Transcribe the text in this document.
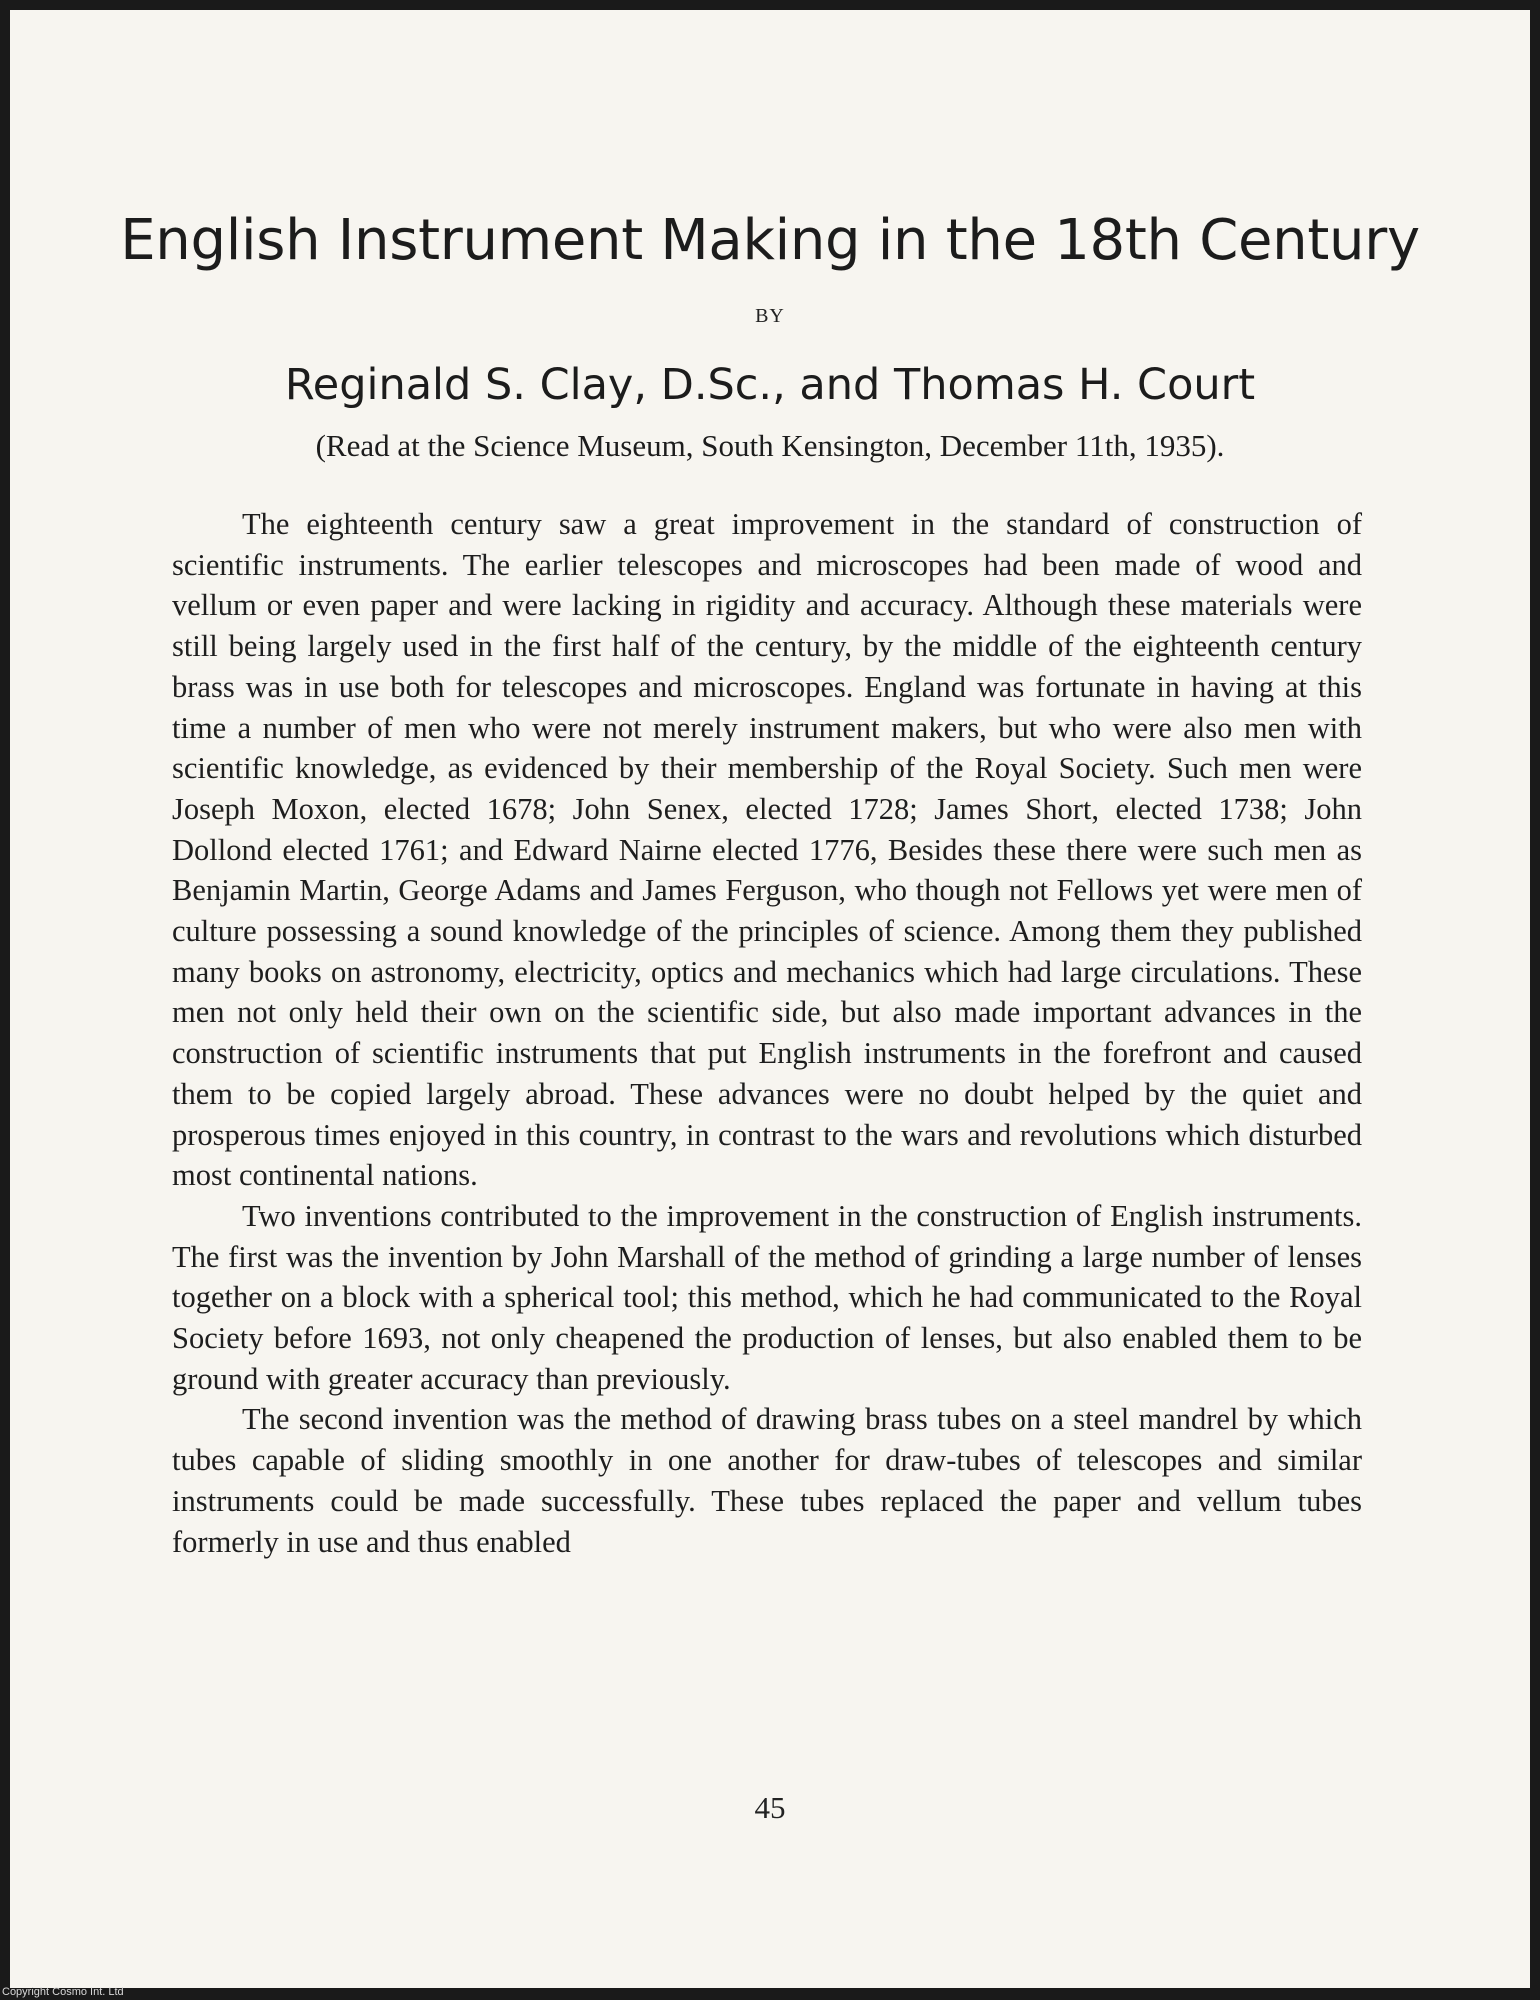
English Instrument Making in the 18th Century
BY
Reginald S. Clay, D.Sc., and Thomas H. Court
(Read at the Science Museum, South Kensington, December 11th, 1935).

The eighteenth century saw a great improvement in the standard of construction of scientific instruments. The earlier telescopes and microscopes had been made of wood and vellum or even paper and were lacking in rigidity and accuracy. Although these materials were still being largely used in the first half of the century, by the middle of the eighteenth century brass was in use both for telescopes and microscopes. England was fortunate in having at this time a number of men who were not merely instrument makers, but who were also men with scientific knowledge, as evidenced by their membership of the Royal Society. Such men were Joseph Moxon, elected 1678; John Senex, elected 1728; James Short, elected 1738; John Dollond elected 1761; and Edward Nairne elected 1776, Besides these there were such men as Benjamin Martin, George Adams and James Ferguson, who though not Fellows yet were men of culture possessing a sound knowledge of the principles of science. Among them they published many books on astronomy, electricity, optics and mechanics which had large circulations. These men not only held their own on the scientific side, but also made important advances in the construction of scientific instruments that put English instruments in the forefront and caused them to be copied largely abroad. These advances were no doubt helped by the quiet and prosperous times enjoyed in this country, in contrast to the wars and revolutions which disturbed most continental nations.

Two inventions contributed to the improvement in the construction of English instruments. The first was the invention by John Marshall of the method of grinding a large number of lenses together on a block with a spherical tool; this method, which he had communicated to the Royal Society before 1693, not only cheapened the production of lenses, but also enabled them to be ground with greater accuracy than previously.

The second invention was the method of drawing brass tubes on a steel mandrel by which tubes capable of sliding smoothly in one another for draw-tubes of telescopes and similar instruments could be made successfully. These tubes replaced the paper and vellum tubes formerly in use and thus enabled

45
Copyright Cosmo Int. Ltd
